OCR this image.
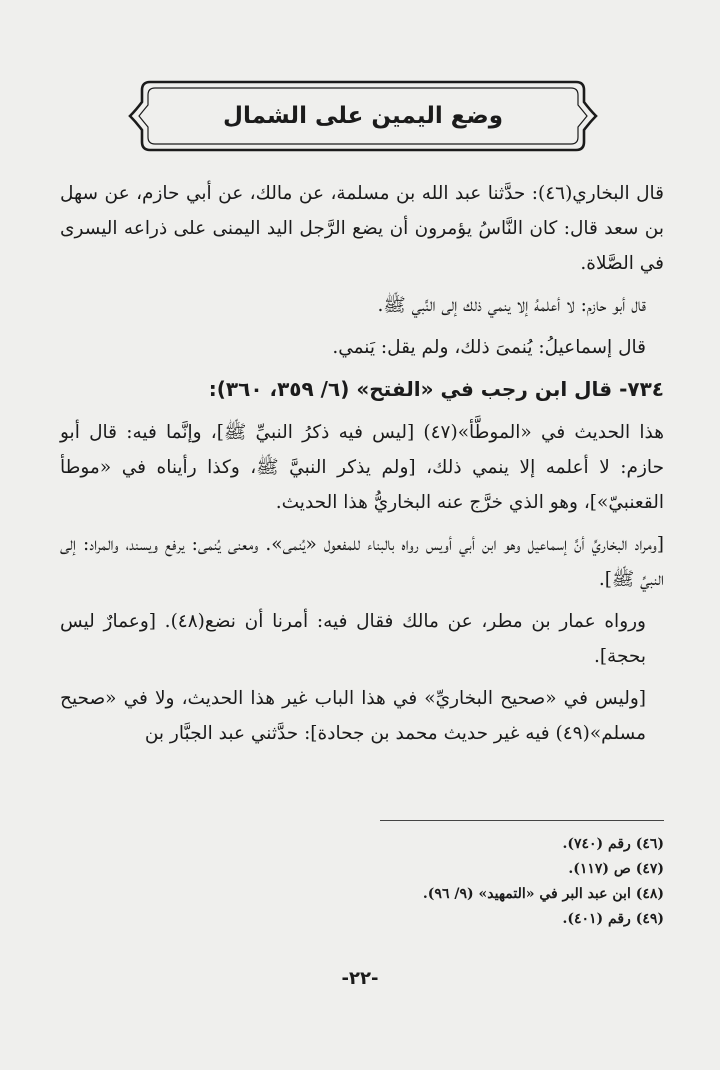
وضع اليمين على الشمال

قال البخاري(٤٦): حدَّثنا عبد الله بن مسلمة، عن مالك، عن أبي حازم، عن سهل بن سعد قال: كان النَّاسُ يؤمرون أن يضع الرَّجل اليد اليمنى على ذراعه اليسرى في الصَّلاة.

قال أبو حازم: لا أعلمهُ إلا ينمي ذلك إلى النَّبي ﷺ.

قال إسماعيلُ: يُنمىَ ذلك، ولم يقل: يَنمي.

٧٣٤- قال ابن رجب في «الفتح» (٦/ ٣٥٩، ٣٦٠):

هذا الحديث في «الموطَّأ»(٤٧) [ليس فيه ذكرُ النبيِّ ﷺ]، وإنَّما فيه: قال أبو حازم: لا أعلمه إلا ينمي ذلك، [ولم يذكر النبيَّ ﷺ، وكذا رأيناه في «موطأ القعنبيّ»]، وهو الذي خرَّج عنه البخاريُّ هذا الحديث.

[ومراد البخاريِّ أنَّ إسماعيل وهو ابن أبي أويس رواه بالبناء للمفعول «يُنمى». ومعنى يُنمى: يرفع ويسند، والمراد: إلى النبيِّ ﷺ].

ورواه عمار بن مطر، عن مالك فقال فيه: أمرنا أن نضع(٤٨). [وعمارٌ ليس بحجة].

[وليس في «صحيح البخاريِّ» في هذا الباب غير هذا الحديث، ولا في «صحيح مسلم»(٤٩) فيه غير حديث محمد بن جحادة]: حدَّثني عبد الجبَّار بن

(٤٦) رقم (٧٤٠).
(٤٧) ص (١١٧).
(٤٨) ابن عبد البر في «التمهيد» (٩/ ٩٦).
(٤٩) رقم (٤٠١).
-٢٢-
